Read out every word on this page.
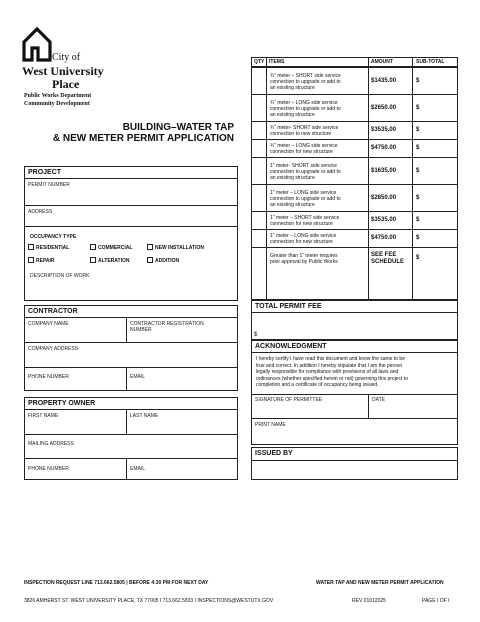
City of
West University
Place
Public Works Department
Community Development
BUILDING–WATER TAP
& NEW METER PERMIT APPLICATION
PROJECT
PERMIT NUMBER
ADDRESS
OCCUPANCY TYPE
RESIDENTIAL	COMMERCIAL	NEW INSTALLATION
REPAIR	ALTERATION	ADDITION
DESCRIPTION OF WORK
CONTRACTOR
COMPANY NAME	CONTRACTOR REGISTRATION
NUMBER
COMPANY ADDRESS
PHONE NUMBER	EMAIL
PROPERTY OWNER
FIRST NAME	LAST NAME
MAILING ADDRESS
PHONE NUMBER	EMAIL
QTY ITEMS	AMOUNT	SUB-TOTAL
¾" meter – SHORT side service
connection to upgrade or add to
an existing structure
$1435.00	$
¾" meter – LONG side service
connection to upgrade or add to
an existing structure
$2650.00	$
¾" meter- SHORT side service
connection to new structure
$3535.00	$
¾" meter – LONG side service
connection for new structure
$4750.00	$
1" meter- SHORT side service
connection to upgrade or add to
an existing structure
$1635.00	$
1" meter – LONG side service
connection to upgrade or add to
an existing structure
$2850.00	$
1" meter – SHORT side service
connection for new structure
$3535.00	$
1" meter – LONG side service
connection for new structure
$4750.00	$
Greater than 1" meter requires
prior approval by Public Works
SEE FEE
SCHEDULE
$
TOTAL PERMIT FEE
$
ACKNOWLEDGMENT
I hereby certify I have read this document and know the same to be
true and correct. In addition I hereby stipulate that I am the person
legally responsible for compliance with provisions of all laws and
ordinances (whether specified herein or not) governing this project to
completion and a certificate of occupancy being issued.
SIGNATURE OF PERMITTEE	DATE
PRINT NAME
ISSUED BY
INSPECTION REQUEST LINE 713.662.5805 | BEFORE 4:30 PM FOR NEXT DAY	WATER TAP AND NEW METER PERMIT APPLICATION
3826 AMHERST ST. WEST UNIVERSITY PLACE, TX 77005 I 713.662.5833 I INSPECTIONS@WESTUTX.GOV	REV 01012025	PAGE I OF I
